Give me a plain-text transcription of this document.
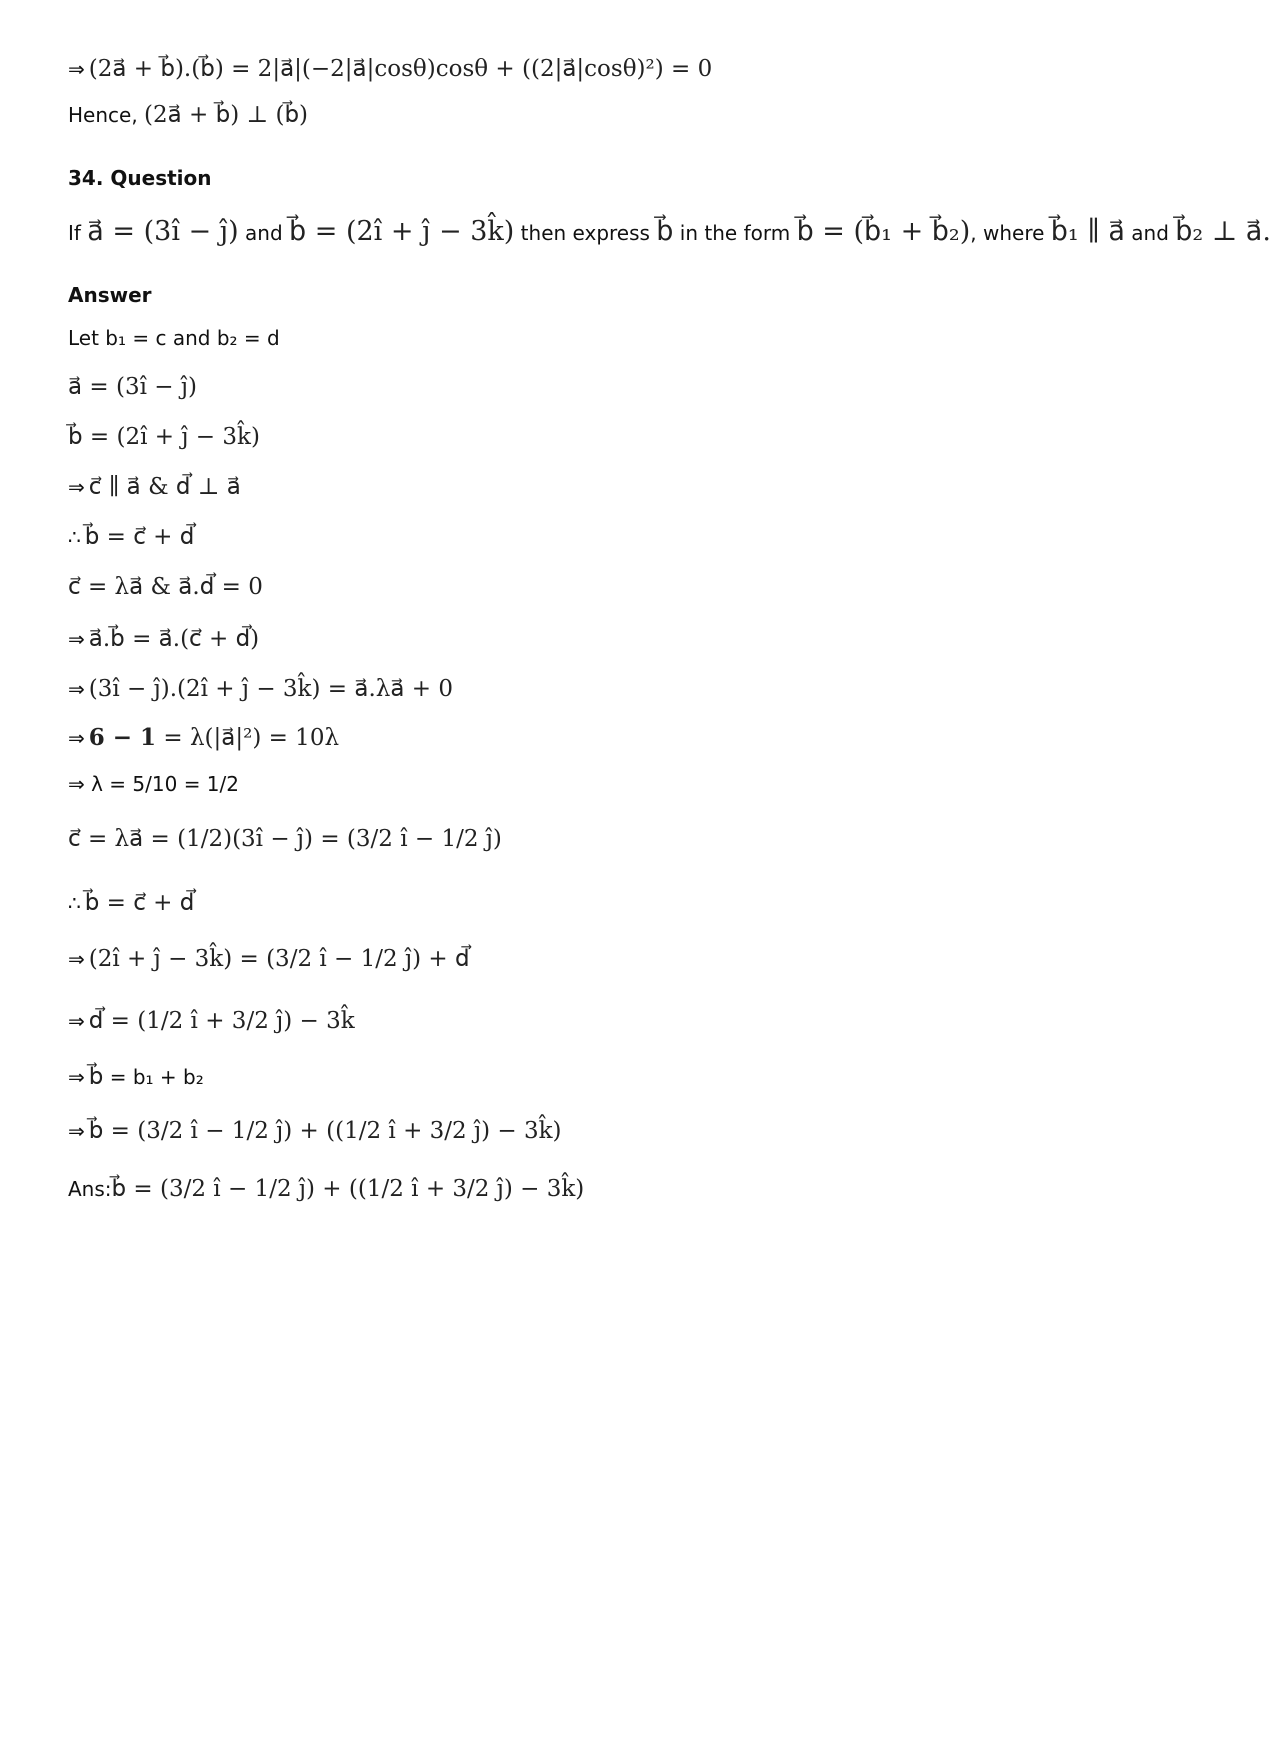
⇒ (2a⃗ + b⃗).(b⃗) = 2|a⃗|(−2|a⃗|cosθ)cosθ + ((2|a⃗|cosθ)²) = 0
Hence, (2a⃗ + b⃗) ⊥ (b⃗)
34. Question
If a⃗ = (3î − ĵ) and b⃗ = (2î + ĵ − 3k̂) then express b⃗ in the form b⃗ = (b⃗₁ + b⃗₂), where b⃗₁ ∥ a⃗ and b⃗₂ ⊥ a⃗.
Answer
Let b₁ = c and b₂ = d
a⃗ = (3î − ĵ)
b⃗ = (2î + ĵ − 3k̂)
⇒ c⃗ ∥ a⃗ & d⃗ ⊥ a⃗
∴ b⃗ = c⃗ + d⃗
c⃗ = λa⃗ & a⃗.d⃗ = 0
⇒ a⃗.b⃗ = a⃗.(c⃗ + d⃗)
⇒ (3î − ĵ).(2î + ĵ − 3k̂) = a⃗.λa⃗ + 0
⇒ 6 − 1 = λ(|a⃗|²) = 10λ
⇒ λ = 5/10 = 1/2
c⃗ = λa⃗ = (1/2)(3î − ĵ) = (3/2 î − 1/2 ĵ)
∴ b⃗ = c⃗ + d⃗
⇒ (2î + ĵ − 3k̂) = (3/2 î − 1/2 ĵ) + d⃗
⇒ d⃗ = (1/2 î + 3/2 ĵ) − 3k̂
⇒ b⃗ = b₁ + b₂
⇒ b⃗ = (3/2 î − 1/2 ĵ) + ((1/2 î + 3/2 ĵ) − 3k̂)
Ans:b⃗ = (3/2 î − 1/2 ĵ) + ((1/2 î + 3/2 ĵ) − 3k̂)
